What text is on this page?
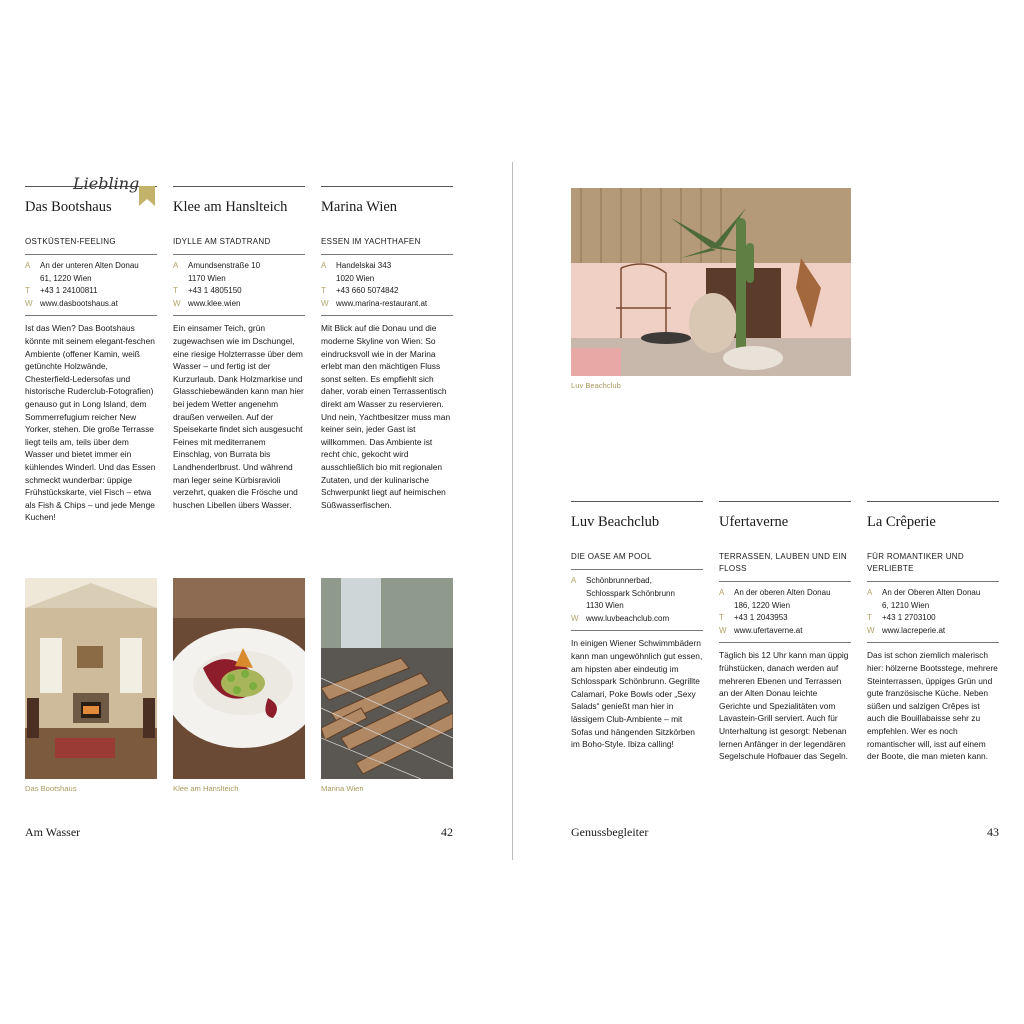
Das Bootshaus
OSTKÜSTEN-FEELING
A	An der unteren Alten Donau
61, 1220 Wien
T	+43 1 24100811
W www.dasbootshaus.at
Ist das Wien? Das Bootshaus könnte mit seinem elegant-feschen Ambiente (offener Kamin, weiß getünchte Holzwände, Chesterfield-Ledersofas und historische Ruderclub-Fotografien) genauso gut in Long Island, dem Sommerrefugium reicher New Yorker, stehen. Die große Terrasse liegt teils am, teils über dem Wasser und bietet immer ein kühlendes Winderl. Und das Essen schmeckt wunderbar: üppige Frühstückskarte, viel Fisch – etwa als Fish & Chips – und jede Menge Kuchen!
Liebling
Klee am Hanslteich
IDYLLE AM STADTRAND
A	Amundsenstraße 10
1170 Wien
T	+43 1 4805150
W www.klee.wien
Ein einsamer Teich, grün zugewachsen wie im Dschungel, eine riesige Holzterrasse über dem Wasser – und fertig ist der Kurzurlaub. Dank Holzmarkise und Glasschiebewänden kann man hier bei jedem Wetter angenehm draußen verweilen. Auf der Speisekarte findet sich ausgesucht Feines mit mediterranem Einschlag, von Burrata bis Landhenderlbrust. Und während man leger seine Kürbisravioli verzehrt, quaken die Frösche und huschen Libellen übers Wasser.
Marina Wien
ESSEN IM YACHTHAFEN
A	Handelskai 343
1020 Wien
T	+43 660 5074842
W www.marina-restaurant.at
Mit Blick auf die Donau und die moderne Skyline von Wien: So eindrucksvoll wie in der Marina erlebt man den mächtigen Fluss sonst selten. Es empfiehlt sich daher, vorab einen Terrassentisch direkt am Wasser zu reservieren. Und nein, Yachtbesitzer muss man keiner sein, jeder Gast ist willkommen. Das Ambiente ist recht chic, gekocht wird ausschließlich bio mit regionalen Zutaten, und der kulinarische Schwerpunkt liegt auf heimischen Süßwasserfischen.
Das Bootshaus	Klee am Hanslteich	Marina Wien
Am Wasser	42
Luv Beachclub
Luv Beachclub
DIE OASE AM POOL
A	Schönbrunnerbad,
Schlosspark Schönbrunn
1130 Wien
W www.luvbeachclub.com
In einigen Wiener Schwimmbädern kann man ungewöhnlich gut essen, am hipsten aber eindeutig im Schlosspark Schönbrunn. Gegrillte Calamari, Poke Bowls oder „Sexy Salads“ genießt man hier in lässigem Club-Ambiente – mit Sofas und hängenden Sitzkörben im Boho-Style. Ibiza calling!
Ufertaverne
TERRASSEN, LAUBEN UND EIN FLOSS
A	An der oberen Alten Donau
186, 1220 Wien
T	+43 1 2043953
W www.ufertaverne.at
Täglich bis 12 Uhr kann man üppig frühstücken, danach werden auf mehreren Ebenen und Terrassen an der Alten Donau leichte Gerichte und Spezialitäten vom Lavastein-Grill serviert. Auch für Unterhaltung ist gesorgt: Nebenan lernen Anfänger in der legendären Segelschule Hofbauer das Segeln.
La Crêperie
FÜR ROMANTIKER UND VERLIEBTE
A	An der Oberen Alten Donau
6, 1210 Wien
T	+43 1 2703100
W www.lacreperie.at
Das ist schon ziemlich malerisch hier: hölzerne Bootsstege, mehrere Steinterrassen, üppiges Grün und gute französische Küche. Neben süßen und salzigen Crêpes ist auch die Bouillabaisse sehr zu empfehlen. Wer es noch romantischer will, isst auf einem der Boote, die man mieten kann.
Genussbegleiter	43
